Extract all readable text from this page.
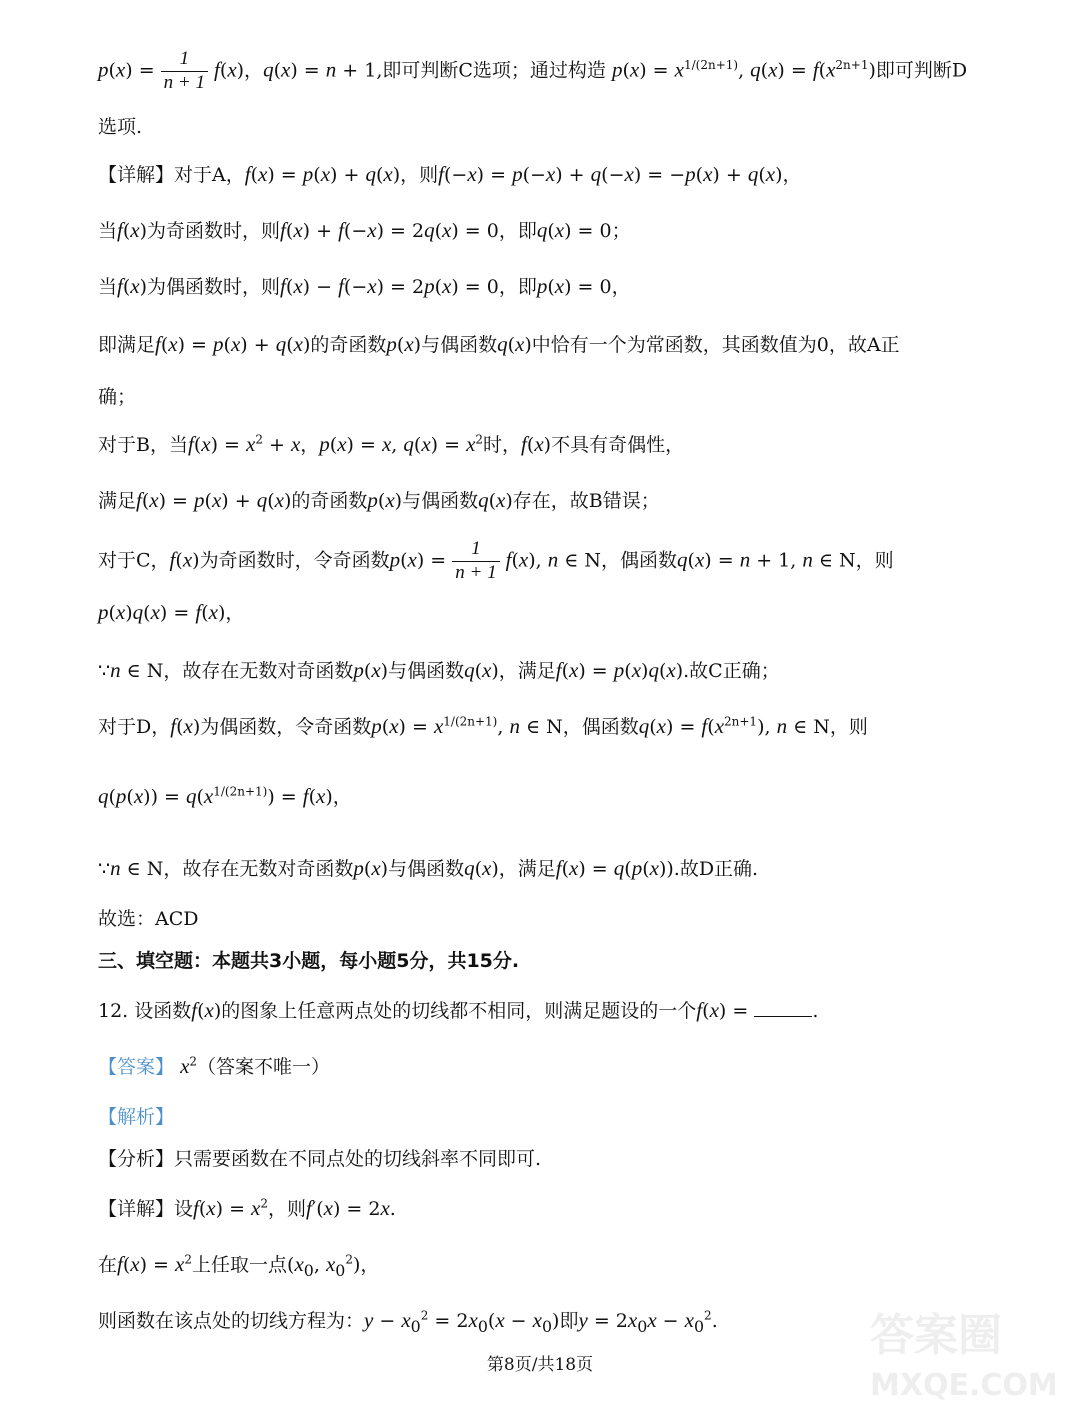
$p(x) = \frac{1}{n + 1} f(x)$，q(x) = n + 1,即可判断C选项；通过构造 $p(x) = x^{1/(2n+1)}$, $q(x) = f(x^{2n+1})$即可判断D
选项.
【详解】对于A，f(x) = p(x) + q(x)，则f(−x) = p(−x) + q(−x) = −p(x) + q(x)，
当f(x)为奇函数时，则f(x) + f(−x) = 2q(x) = 0，即q(x) = 0；
当f(x)为偶函数时，则f(x) − f(−x) = 2p(x) = 0，即p(x) = 0，
即满足f(x) = p(x) + q(x)的奇函数p(x)与偶函数q(x)中恰有一个为常函数，其函数值为0，故A正
确；
对于B，当$f(x) = x^2 + x$，p(x) = x, $q(x) = x^2$时，f(x)不具有奇偶性，
满足f(x) = p(x) + q(x)的奇函数p(x)与偶函数q(x)存在，故B错误；
对于C，f(x)为奇函数时，令奇函数$p(x) = \frac{1}{n + 1} f(x)$, n ∈ N，偶函数q(x) = n + 1, n ∈ N，则
p(x)q(x) = f(x)，
∵n ∈ N，故存在无数对奇函数p(x)与偶函数q(x)，满足f(x) = p(x)q(x).故C正确；
对于D，f(x)为偶函数，令奇函数$p(x) = x^{1/(2n+1)}$, n ∈ N，偶函数$q(x) = f(x^{2n+1})$, n ∈ N，则
$q(p(x)) = q(x^{1/(2n+1)}) = f(x)$，
∵n ∈ N，故存在无数对奇函数p(x)与偶函数q(x)，满足f(x) = q(p(x)).故D正确.
故选：ACD
三、填空题：本题共3小题，每小题5分，共15分.
12. 设函数f(x)的图象上任意两点处的切线都不相同，则满足题设的一个f(x) =	.
【答案】 $x^2$（答案不唯一）
【解析】
【分析】只需要函数在不同点处的切线斜率不同即可.
【详解】设$f(x) = x^2$，则f′(x) = 2x.
在$f(x) = x^2$上任取一点($x_0$, $x_0^2$)，
则函数在该点处的切线方程为：$y - x_0^2 = 2x_0(x - x_0)$即$y = 2x_0x - x_0^2$.
第8页/共18页
答案圈
MXQE.COM
